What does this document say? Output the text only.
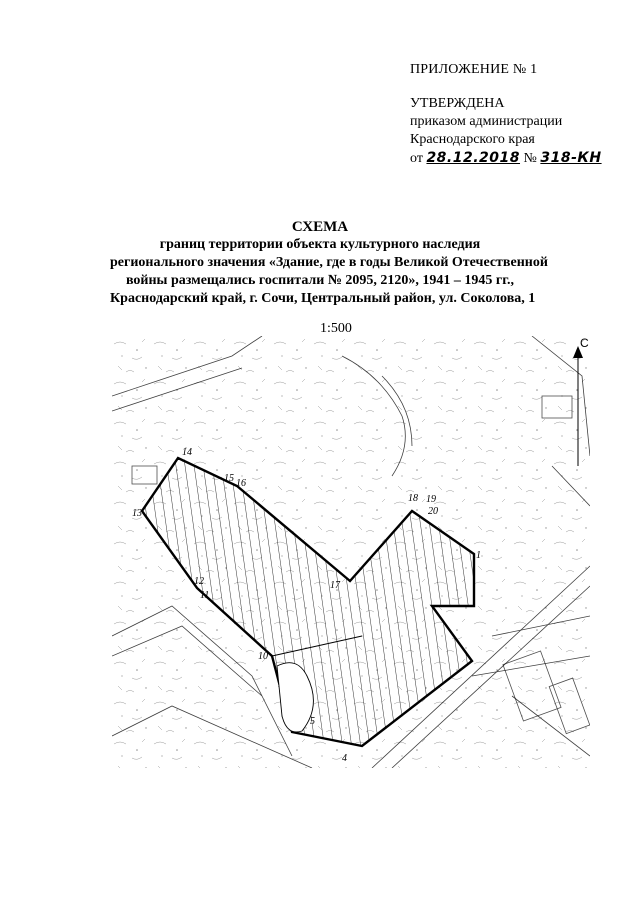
ПРИЛОЖЕНИЕ № 1
УТВЕРЖДЕНА
приказом администрации
Краснодарского края
от 28.12.2018 № 318-КН
СХЕМА
границ территории объекта культурного наследия
регионального значения «Здание, где в годы Великой Отечественной
войны размещались госпитали № 2095, 2120», 1941 – 1945 гг.,
Краснодарский край, г. Сочи, Центральный район, ул. Соколова, 1
1:500
14
15 16
13
12
11
10
5
4
17
18 19
20
1
С
